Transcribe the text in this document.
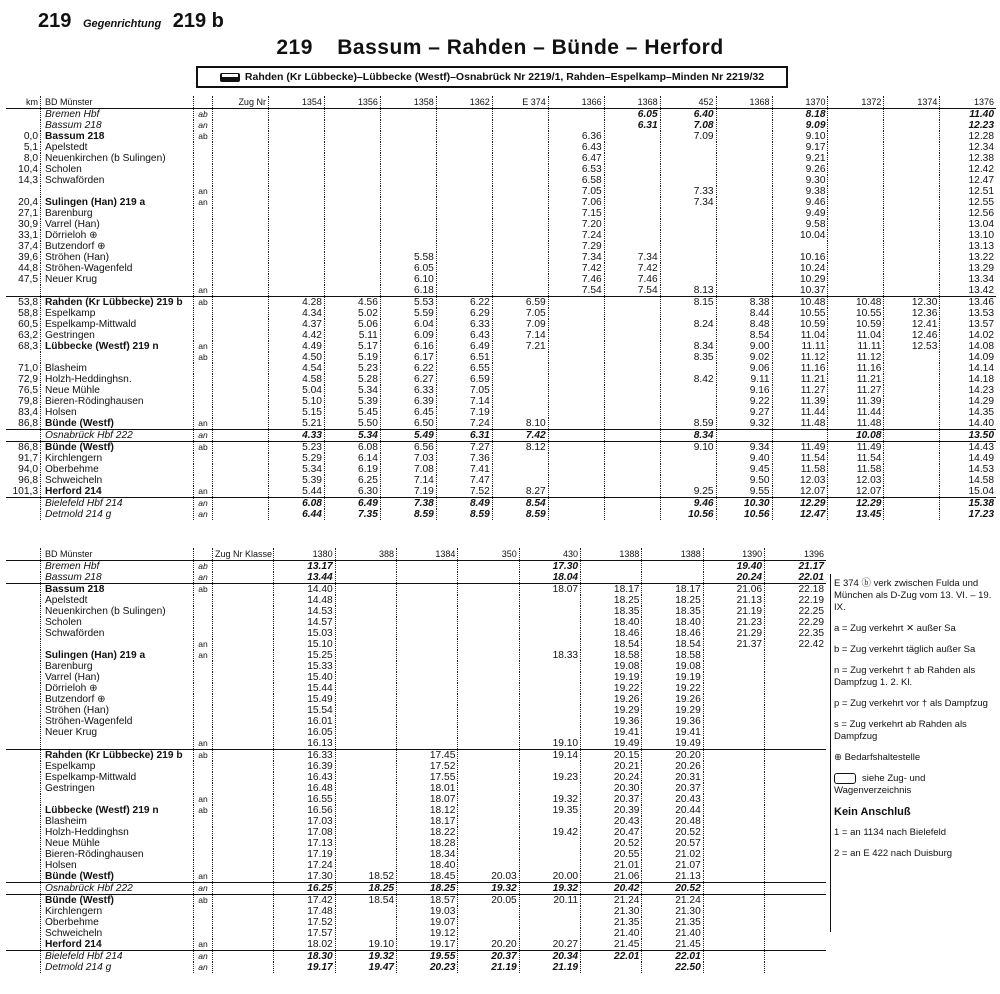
219 Gegenrichtung 219 b
219 Bassum – Rahden – Bünde – Herford
Rahden (Kr Lübbecke)–Lübbecke (Westf)–Osnabrück Nr 2219/1, Rahden–Espelkamp–Minden Nr 2219/32
km	BD Münster		Zug Nr	1354	1356	1358	1362	E 374	1366	1368	452	1368	1370	1372	1374	1376
	Bremen Hbf	ab								6.05	6.40		8.18			11.40
	Bassum 218	an								6.31	7.08		9.09			12.23
0,0	Bassum 218	ab							6.36		7.09		9.10			12.28
5,1	Apelstedt								6.43				9.17			12.34
8,0	Neuenkirchen (b Sulingen)								6.47				9.21			12.38
10,4	Scholen								6.53				9.26			12.42
14,3	Schwaförden								6.58				9.30			12.47
		an							7.05		7.33		9.38			12.51
20,4	Sulingen (Han) 219 a	an							7.06		7.34		9.46			12.55
27,1	Barenburg								7.15				9.49			12.56
30,9	Varrel (Han)								7.20				9.58			13.04
33,1	Dörrieloh ⊕								7.24				10.04			13.10
37,4	Butzendorf ⊕								7.29							13.13
39,6	Ströhen (Han)					5.58			7.34	7.34			10.16			13.22
44,8	Ströhen-Wagenfeld					6.05			7.42	7.42			10.24			13.29
47,5	Neuer Krug					6.10			7.46	7.46			10.29			13.34
		an				6.18			7.54	7.54	8.13		10.37			13.42
53,8	Rahden (Kr Lübbecke) 219 b	ab		4.28	4.56	5.53	6.22	6.59			8.15	8.38	10.48	10.48	12.30	13.46
58,8	Espelkamp			4.34	5.02	5.59	6.29	7.05				8.44	10.55	10.55	12.36	13.53
60,5	Espelkamp-Mittwald			4.37	5.06	6.04	6.33	7.09			8.24	8.48	10.59	10.59	12.41	13.57
63,2	Gestringen			4.42	5.11	6.09	6.43	7.14				8.54	11.04	11.04	12.46	14.02
68,3	Lübbecke (Westf) 219 n	an		4.49	5.17	6.16	6.49	7.21			8.34	9.00	11.11	11.11	12.53	14.08
		ab		4.50	5.19	6.17	6.51				8.35	9.02	11.12	11.12		14.09
71,0	Blasheim			4.54	5.23	6.22	6.55					9.06	11.16	11.16		14.14
72,9	Holzh-Heddinghsn.			4.58	5.28	6.27	6.59				8.42	9.11	11.21	11.21		14.18
76,5	Neue Mühle			5.04	5.34	6.33	7.05					9.16	11.27	11.27		14.23
79,8	Bieren-Rödinghausen			5.10	5.39	6.39	7.14					9.22	11.39	11.39		14.29
83,4	Holsen			5.15	5.45	6.45	7.19					9.27	11.44	11.44		14.35
86,8	Bünde (Westf)	an		5.21	5.50	6.50	7.24	8.10			8.59	9.32	11.48	11.48		14.40
	Osnabrück Hbf 222	an		4.33	5.34	5.49	6.31	7.42			8.34			10.08		13.50
86,8	Bünde (Westf)	ab		5.23	6.08	6.56	7.27	8.12			9.10	9.34	11.49	11.49		14.43
91,7	Kirchlengern			5.29	6.14	7.03	7.36					9.40	11.54	11.54		14.49
94,0	Oberbehme			5.34	6.19	7.08	7.41					9.45	11.58	11.58		14.53
96,8	Schweicheln			5.39	6.25	7.14	7.47					9.50	12.03	12.03		14.58
101,3	Herford 214	an		5.44	6.30	7.19	7.52	8.27			9.25	9.55	12.07	12.07		15.04
	Bielefeld Hbf 214	an		6.08	6.49	7.38	8.49	8.54			9.46	10.30	12.29	12.29		15.38
	Detmold 214 g	an		6.44	7.35	8.59	8.59	8.59			10.56	10.56	12.47	13.45		17.23
	BD Münster		Zug Nr Klasse	1380	388	1384	350	430	1388	1388	1390	1396
	Bremen Hbf	ab		13.17				17.30			19.40	21.17
	Bassum 218	an		13.44				18.04			20.24	22.01
	Bassum 218	ab		14.40				18.07	18.17	18.17	21.06	22.18
	Apelstedt			14.48					18.25	18.25	21.13	22.19
	Neuenkirchen (b Sulingen)			14.53					18.35	18.35	21.19	22.25
	Scholen			14.57					18.40	18.40	21.23	22.29
	Schwaförden			15.03					18.46	18.46	21.29	22.35
		an		15.10					18.54	18.54	21.37	22.42
	Sulingen (Han) 219 a	an		15.25				18.33	18.58	18.58		
	Barenburg			15.33					19.08	19.08		
	Varrel (Han)			15.40					19.19	19.19		
	Dörrieloh ⊕			15.44					19.22	19.22		
	Butzendorf ⊕			15.49					19.26	19.26		
	Ströhen (Han)			15.54					19.29	19.29		
	Ströhen-Wagenfeld			16.01					19.36	19.36		
	Neuer Krug			16.05					19.41	19.41		
		an		16.13				19.10	19.49	19.49		
	Rahden (Kr Lübbecke) 219 b	ab		16.33		17.45		19.14	20.15	20.20		
	Espelkamp			16.39		17.52			20.21	20.26		
	Espelkamp-Mittwald			16.43		17.55		19.23	20.24	20.31		
	Gestringen			16.48		18.01			20.30	20.37		
		an		16.55		18.07		19.32	20.37	20.43		
	Lübbecke (Westf) 219 n	ab		16.56		18.12		19.35	20.39	20.44		
	Blasheim			17.03		18.17			20.43	20.48		
	Holzh-Heddinghsn			17.08		18.22		19.42	20.47	20.52		
	Neue Mühle			17.13		18.28			20.52	20.57		
	Bieren-Rödinghausen			17.19		18.34			20.55	21.02		
	Holsen			17.24		18.40			21.01	21.07		
	Bünde (Westf)	an		17.30	18.52	18.45	20.03	20.00	21.06	21.13		
	Osnabrück Hbf 222	an		16.25	18.25	18.25	19.32	19.32	20.42	20.52		
	Bünde (Westf)	ab		17.42	18.54	18.57	20.05	20.11	21.24	21.24		
	Kirchlengern			17.48		19.03			21.30	21.30		
	Oberbehme			17.52		19.07			21.35	21.35		
	Schweicheln			17.57		19.12			21.40	21.40		
	Herford 214	an		18.02	19.10	19.17	20.20	20.27	21.45	21.45		
	Bielefeld Hbf 214	an		18.30	19.32	19.55	20.37	20.34	22.01	22.01		
	Detmold 214 g	an		19.17	19.47	20.23	21.19	21.19		22.50		
E 374 ⓑ verk zwischen Fulda und München als D-Zug vom 13. VI. – 19. IX.
a = Zug verkehrt ✕ außer Sa
b = Zug verkehrt täglich außer Sa
n = Zug verkehrt † ab Rahden als Dampfzug 1. 2. Kl.
p = Zug verkehrt vor † als Dampfzug
s = Zug verkehrt ab Rahden als Dampfzug
⊕ Bedarfshaltestelle
siehe Zug- und Wagenverzeichnis
Kein Anschluß
1 = an 1134 nach Bielefeld
2 = an E 422 nach Duisburg
